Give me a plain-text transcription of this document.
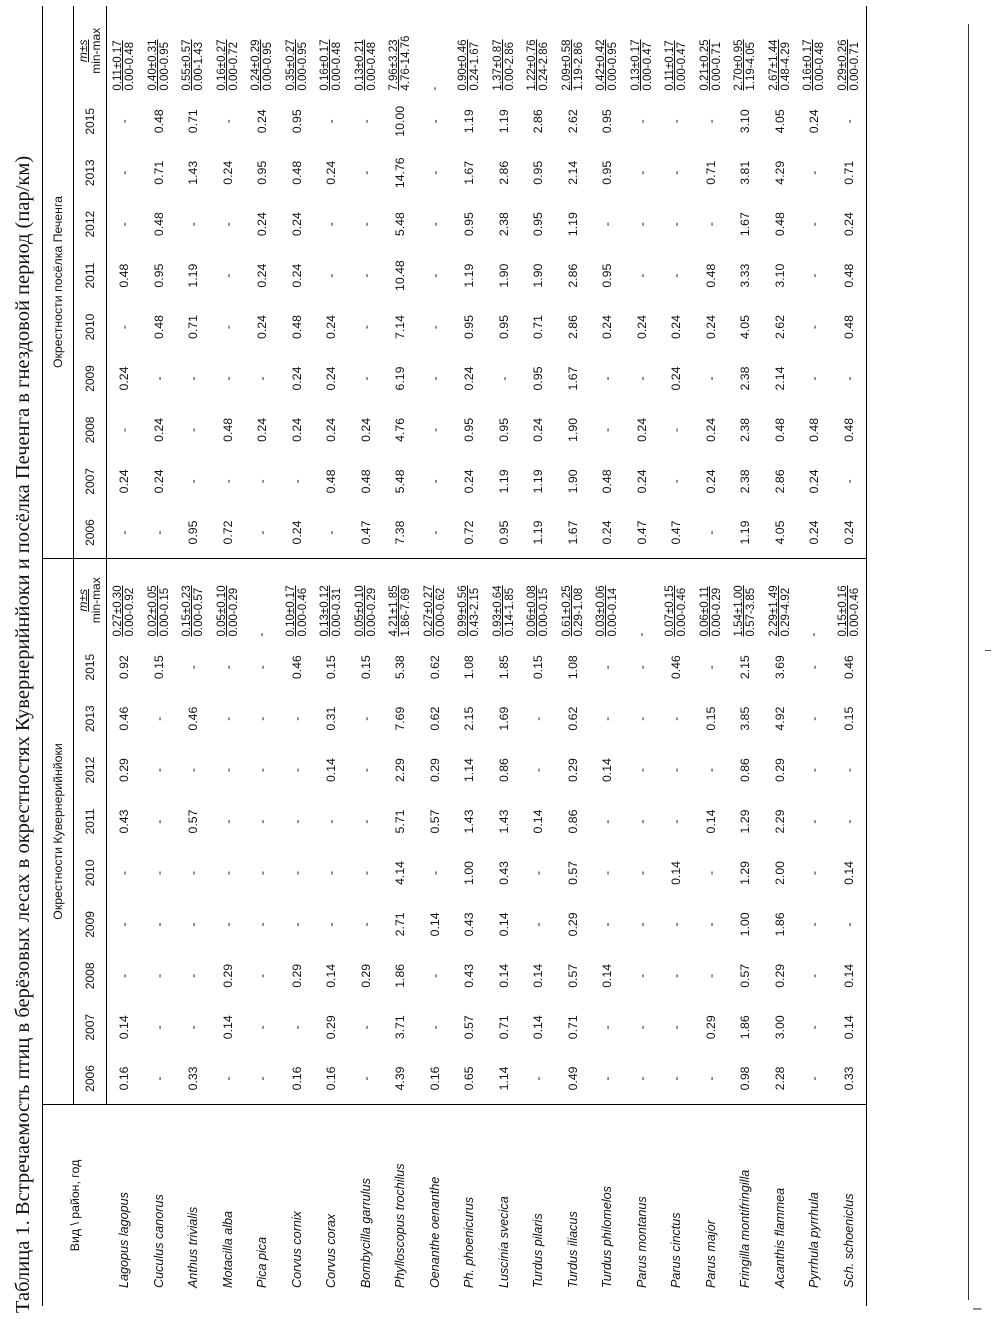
Таблица 1. Встречаемость птиц в берёзовых лесах в окрестностях Кувернерийнйоки и посёлка Печенга в гнездовой период (пар/км)	Вид \ район, год	Окрестности Кувернерийнйоки										Окрестности посёлка Печенга									
	2006	2007	2008	2009	2010	2011	2012	2013	2015	m±s min-max	2006	2007	2008	2009	2010	2011	2012	2013	2015	m±s min-max
Lagopus lagopus	0.16	0.14	-	-	-	0.43	0.29	0.46	0.92	0.27±0.30 0.00-0.92	-	0.24	-	0.24	-	0.48	-	-	-	0.11±0.17 0.00-0.48

Cuculus canorus	-	-	-	-	-	-	-	-	0.15	0.02±0.05 0.00-0.15	-	0.24	0.24	-	0.48	0.95	0.48	0.71	0.48	0.40±0.31 0.00-0.95

Anthus trivialis	0.33	-	-	-	-	0.57	-	0.46	-	0.15±0.23 0.00-0.57	0.95	-	-	-	0.71	1.19	-	1.43	0.71	0.55±0.57 0.00-1.43

Motacilla alba	-	0.14	0.29	-	-	-	-	-	-	0.05±0.10 0.00-0.29	0.72	-	0.48	-	-	-	-	0.24	-	0.16±0.27 0.00-0.72

Pica pica	-	-	-	-	-	-	-	-	-	-	-	-	0.24	-	0.24	0.24	0.24	0.95	0.24	0.24±0.29 0.00-0.95

Corvus cornix	0.16	-	0.29	-	-	-	-	-	0.46	0.10±0.17 0.00-0.46	0.24	-	0.24	0.24	0.48	0.24	0.24	0.48	0.95	0.35±0.27 0.00-0.95

Corvus corax	0.16	0.29	0.14	-	-	-	0.14	0.31	0.15	0.13±0.12 0.00-0.31	-	0.48	0.24	0.24	0.24	-	-	0.24	-	0.16±0.17 0.00-0.48

Bombycilla garrulus	-	-	0.29	-	-	-	-	-	0.15	0.05±0.10 0.00-0.29	0.47	0.48	0.24	-	-	-	-	-	-	0.13±0.21 0.00-0.48

Phylloscopus trochilus	4.39	3.71	1.86	2.71	4.14	5.71	2.29	7.69	5.38	4.21±1.85 1.86-7.69	7.38	5.48	4.76	6.19	7.14	10.48	5.48	14.76	10.00	7.96±3.23 4.76-14.76

Oenanthe oenanthe	0.16	-	-	0.14	-	0.57	0.29	0.62	0.62	0.27±0.27 0.00-0.62	-	-	-	-	-	-	-	-	-	-

Ph. phoenicurus	0.65	0.57	0.43	0.43	1.00	1.43	1.14	2.15	1.08	0.99±0.56 0.43-2.15	0.72	0.24	0.95	0.24	0.95	1.19	0.95	1.67	1.19	0.90±0.46 0.24-1.67

Luscinia svecica	1.14	0.71	0.14	0.14	0.43	1.43	0.86	1.69	1.85	0.93±0.64 0.14-1.85	0.95	1.19	0.95	-	0.95	1.90	2.38	2.86	1.19	1.37±0.87 0.00-2.86

Turdus pilaris	-	0.14	0.14	-	-	0.14	-	-	0.15	0.06±0.08 0.00-0.15	1.19	1.19	0.24	0.95	0.71	1.90	0.95	0.95	2.86	1.22±0.76 0.24-2.86

Turdus iliacus	0.49	0.71	0.57	0.29	0.57	0.86	0.29	0.62	1.08	0.61±0.25 0.29-1.08	1.67	1.90	1.90	1.67	2.86	2.86	1.19	2.14	2.62	2.09±0.58 1.19-2.86

Turdus philomelos	-	-	0.14	-	-	-	0.14	-	-	0.03±0.06 0.00-0.14	0.24	0.48	-	-	0.24	0.95	-	0.95	0.95	0.42±0.42 0.00-0.95

Parus montanus	-	-	-	-	-	-	-	-	-	-	0.47	0.24	0.24	-	0.24	-	-	-	-	0.13±0.17 0.00-0.47

Parus cinctus	-	-	-	-	0.14	-	-	-	0.46	0.07±0.15 0.00-0.46	0.47	-	-	0.24	0.24	-	-	-	-	0.11±0.17 0.00-0.47

Parus major	-	0.29	-	-	-	0.14	-	0.15	-	0.06±0.11 0.00-0.29	-	0.24	0.24	-	0.24	0.48	-	0.71	-	0.21±0.25 0.00-0.71

Fringilla montifringilla	0.98	1.86	0.57	1.00	1.29	1.29	0.86	3.85	2.15	1.54±1.00 0.57-3.85	1.19	2.38	2.38	2.38	4.05	3.33	1.67	3.81	3.10	2.70±0.95 1.19-4.05

Acanthis flammea	2.28	3.00	0.29	1.86	2.00	2.29	0.29	4.92	3.69	2.29±1.49 0.29-4.92	4.05	2.86	0.48	2.14	2.62	3.10	0.48	4.29	4.05	2.67±1.44 0.48-4.29

Pyrrhula pyrrhula	-	-	-	-	-	-	-	-	-	-	0.24	0.24	0.48	-	-	-	-	-	0.24	0.16±0.17 0.00-0.48

Sch. schoeniclus	0.33	0.14	0.14	-	0.14	-	-	0.15	0.46	0.15±0.16 0.00-0.46	0.24	-	0.48	-	0.48	0.48	0.24	0.71	-	0.29±0.26 0.00-0.71
I
